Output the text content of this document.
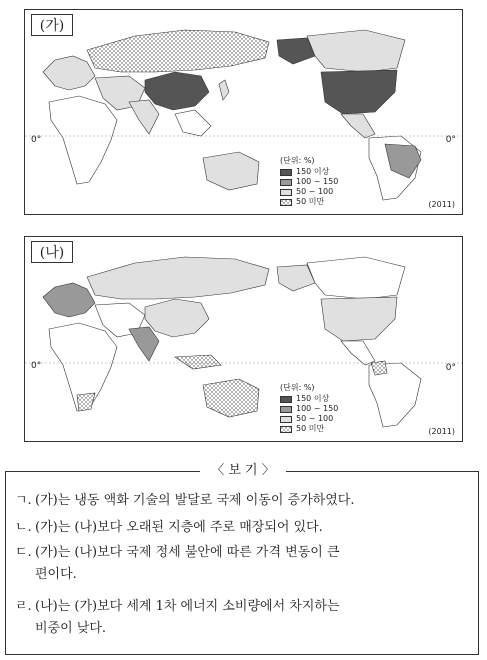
(가)
0°	0°
(단위: %)
150 이상
100 ~ 150
50 ~ 100
50 미만	(2011)
(나)
0°	0°
(단위: %)
150 이상
100 ~ 150
50 ~ 100
50 미만	(2011)
〈 보 기 〉
ㄱ. (가)는 냉동 액화 기술의 발달로 국제 이동이 증가하였다.
ㄴ. (가)는 (나)보다 오래된 지층에 주로 매장되어 있다.
ㄷ. (가)는 (나)보다 국제 정세 불안에 따른 가격 변동이 큰
편이다.
ㄹ. (나)는 (가)보다 세계 1차 에너지 소비량에서 차지하는
비중이 낮다.
